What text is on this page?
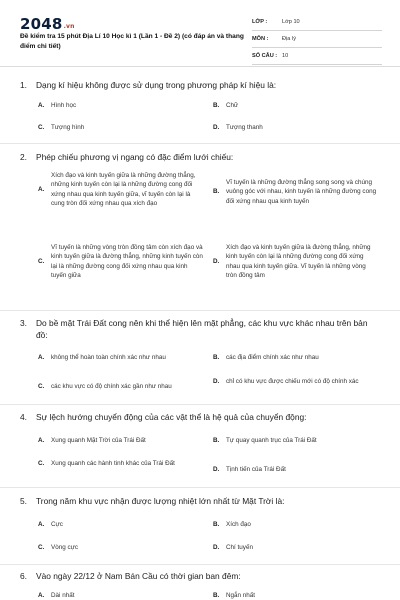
2048.vn
Đề kiểm tra 15 phút Địa Lí 10 Học kì 1 (Lần 1 - Đề 2) (có đáp án và thang điểm chi tiết)
LỚP :	Lớp 10
MÔN :	Địa lý
SỐ CÂU : 10
1.	Dạng kí hiệu không được sử dụng trong phương pháp kí hiệu là:
A.	Hình học	B.	Chữ
C.	Tượng hình	D.	Tượng thanh
2.	Phép chiếu phương vị ngang có đặc điểm lưới chiếu:
A.
Xích đạo và kinh tuyến giữa là những đường thẳng, những kinh tuyến còn lại là những đường cong đối xứng nhau qua kinh tuyến giữa, vĩ tuyến còn lại là cung tròn đối xứng nhau qua xích đạo
B.
Vĩ tuyến là những đường thẳng song song và chúng vuông góc với nhau, kinh tuyến là những đường cong đối xứng nhau qua kinh tuyến
C.
Vĩ tuyến là những vòng tròn đồng tâm còn xích đạo và kinh tuyến giữa là đường thẳng, những kinh tuyến còn lại là những đường cong đối xứng nhau qua kinh tuyến giữa
D.
Xích đạo và kinh tuyến giữa là đường thẳng, những kinh tuyến còn lại là những đường cong đối xứng nhau qua kinh tuyến giữa. Vĩ tuyến là những vòng tròn đồng tâm
3.	Do bề mặt Trái Đất cong nên khi thể hiện lên mặt phẳng, các khu vực khác nhau trên bản đồ:
A.	không thể hoàn toàn chính xác như nhau	B.	các địa điểm chính xác như nhau
C.	các khu vực có độ chính xác gần như nhau
D.	chỉ có khu vực được chiếu mới có độ chính xác
4.	Sự lệch hướng chuyển động của các vật thể là hệ quả của chuyển động:
A.	Xung quanh Mặt Trời của Trái Đất	B.	Tự quay quanh trục của Trái Đất
C.	Xung quanh các hành tinh khác của Trái Đất
D.	Tịnh tiến của Trái Đất
5.	Trong năm khu vực nhận được lượng nhiệt lớn nhất từ Mặt Trời là:
A.	Cực	B.	Xích đạo
C.	Vòng cực	D.	Chí tuyến
6.	Vào ngày 22/12 ở Nam Bán Cầu có thời gian ban đêm:
A.	Dài nhất	B.	Ngắn nhất
